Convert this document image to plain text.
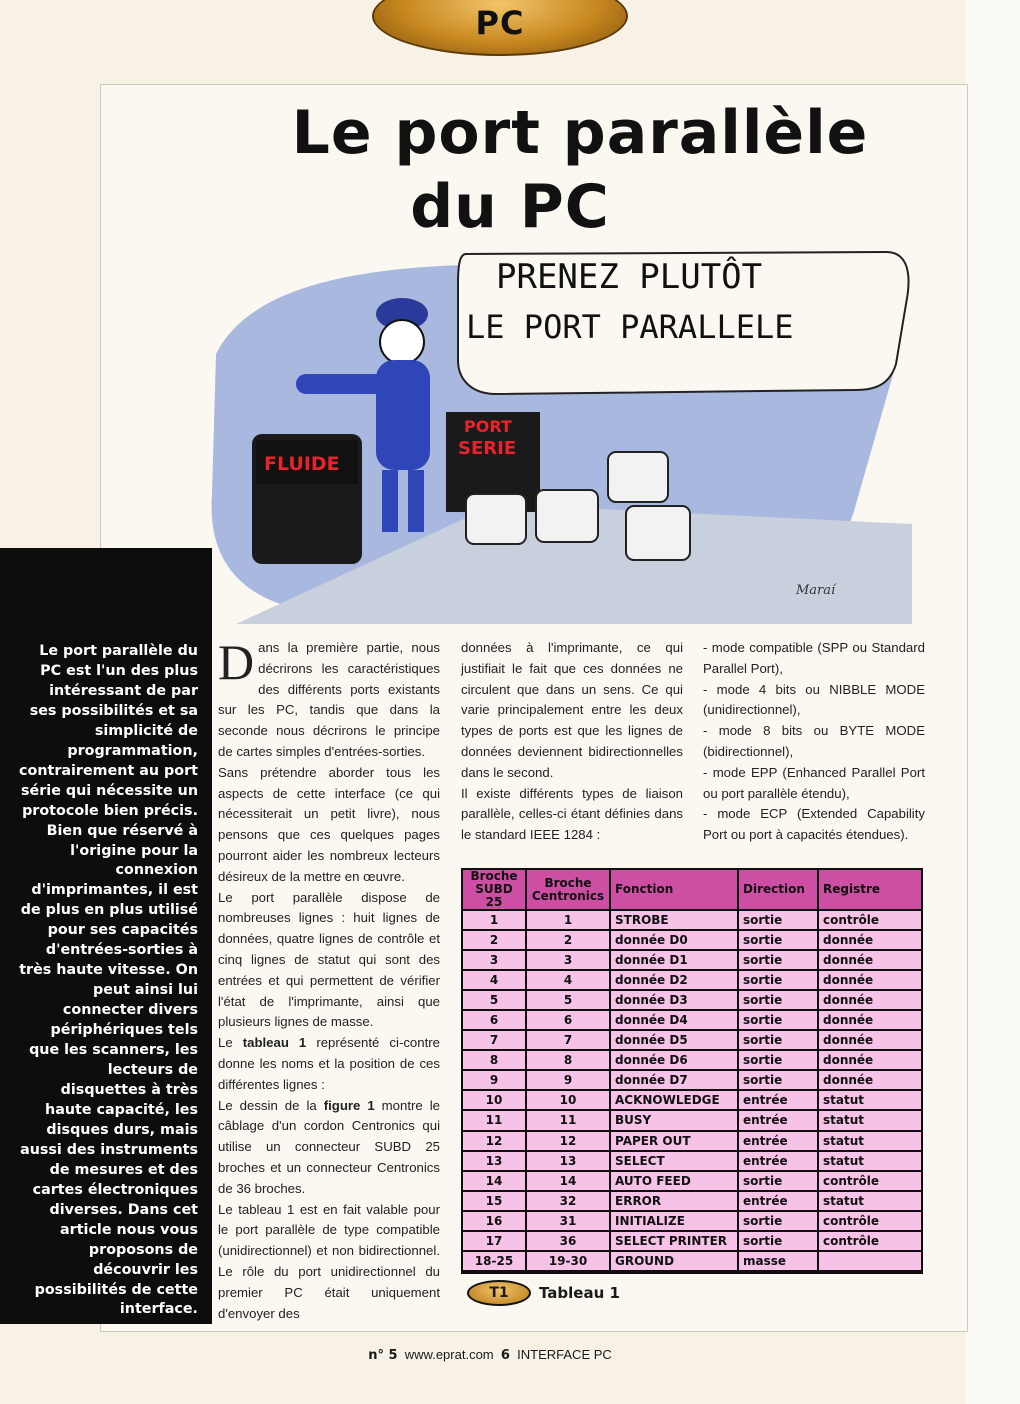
PC
Le port parallèle
du PC
PRENEZ PLUTÔT
LE PORT PARALLELE
FLUIDE
PORT
SERIE
Maraí
Le port parallèle du PC est l'un des plus intéressant de par ses possibilités et sa simplicité de programmation, contrairement au port série qui nécessite un protocole bien précis. Bien que réservé à l'origine pour la connexion d'imprimantes, il est de plus en plus utilisé pour ses capacités d'entrées-sorties à très haute vitesse. On peut ainsi lui connecter divers périphériques tels que les scanners, les lecteurs de disquettes à très haute capacité, les disques durs, mais aussi des instruments de mesures et des cartes électroniques diverses. Dans cet article nous vous proposons de découvrir les possibilités de cette interface.
D ans la première partie, nous décrirons les caractéristiques des différents ports existants sur les PC, tandis que dans la seconde nous décrirons le principe de cartes simples d'entrées-sorties.

Sans prétendre aborder tous les aspects de cette interface (ce qui nécessiterait un petit livre), nous pensons que ces quelques pages pourront aider les nombreux lecteurs désireux de la mettre en œuvre.

Le port parallèle dispose de nombreuses lignes : huit lignes de données, quatre lignes de contrôle et cinq lignes de statut qui sont des entrées et qui permettent de vérifier l'état de l'imprimante, ainsi que plusieurs lignes de masse.

Le tableau 1 représenté ci-contre donne les noms et la position de ces différentes lignes :

Le dessin de la figure 1 montre le câblage d'un cordon Centronics qui utilise un connecteur SUBD 25 broches et un connecteur Centronics de 36 broches.

Le tableau 1 est en fait valable pour le port parallèle de type compatible (unidirectionnel) et non bidirectionnel. Le rôle du port unidirectionnel du premier PC était uniquement d'envoyer des

données à l'imprimante, ce qui justifiait le fait que ces données ne circulent que dans un sens. Ce qui varie principalement entre les deux types de ports est que les lignes de données deviennent bidirectionnelles dans le second.

Il existe différents types de liaison parallèle, celles-ci étant définies dans le standard IEEE 1284 :

- mode compatible (SPP ou Standard Parallel Port),

- mode 4 bits ou NIBBLE MODE (unidirectionnel),

- mode 8 bits ou BYTE MODE (bidirectionnel),

- mode EPP (Enhanced Parallel Port ou port parallèle étendu),

- mode ECP (Extended Capability Port ou port à capacités étendues).

Broche SUBD 25	Broche Centronics	Fonction	Direction	Registre
1	1	STROBE	sortie	contrôle
2	2	donnée D0	sortie	donnée
3	3	donnée D1	sortie	donnée
4	4	donnée D2	sortie	donnée
5	5	donnée D3	sortie	donnée
6	6	donnée D4	sortie	donnée
7	7	donnée D5	sortie	donnée
8	8	donnée D6	sortie	donnée
9	9	donnée D7	sortie	donnée
10	10	ACKNOWLEDGE	entrée	statut
11	11	BUSY	entrée	statut
12	12	PAPER OUT	entrée	statut
13	13	SELECT	entrée	statut
14	14	AUTO FEED	sortie	contrôle
15	32	ERROR	entrée	statut
16	31	INITIALIZE	sortie	contrôle
17	36	SELECT PRINTER	sortie	contrôle
18-25	19-30	GROUND	masse	
T1	Tableau 1
n° 5 www.eprat.com 6 INTERFACE PC
